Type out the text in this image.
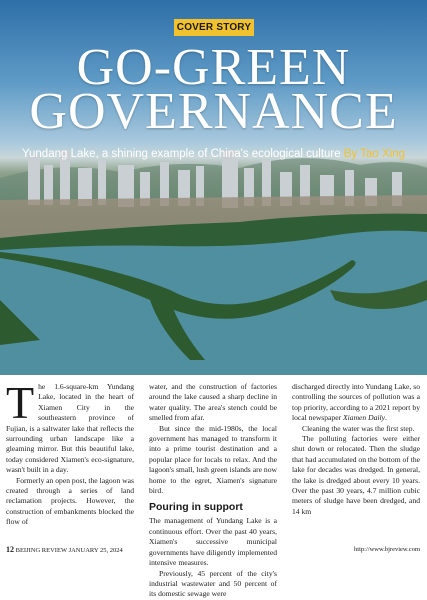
COVER STORY
GO-GREEN
GOVERNANCE
Yundang Lake, a shining example of China's ecological culture By Tao Xing
T he 1.6-square-km Yundang Lake, located in the heart of Xiamen City in the southeastern province of Fujian, is a saltwater lake that reflects the surrounding urban landscape like a gleaming mirror. But this beautiful lake, today considered Xiamen's eco-signature, wasn't built in a day.

Formerly an open post, the lagoon was created through a series of land reclamation projects. However, the construction of embankments blocked the flow of

water, and the construction of factories around the lake caused a sharp decline in water quality. The area's stench could be smelled from afar.

But since the mid-1980s, the local government has managed to transform it into a prime tourist destination and a popular place for locals to relax. And the lagoon's small, lush green islands are now home to the egret, Xiamen's signature bird.

Pouring in support

The management of Yundang Lake is a continuous effort. Over the past 40 years, Xiamen's successive municipal governments have diligently implemented intensive measures.

Previously, 45 percent of the city's industrial wastewater and 50 percent of its domestic sewage were

discharged directly into Yundang Lake, so controlling the sources of pollution was a top priority, according to a 2021 report by local newspaper Xiamen Daily.

Cleaning the water was the first step.

The polluting factories were either shut down or relocated. Then the sludge that had accumulated on the bottom of the lake for decades was dredged. In general, the lake is dredged about every 10 years. Over the past 30 years, 4.7 million cubic meters of sludge have been dredged, and 14 km

12 BEIJING REVIEW JANUARY 25, 2024	http://www.bjreview.com
